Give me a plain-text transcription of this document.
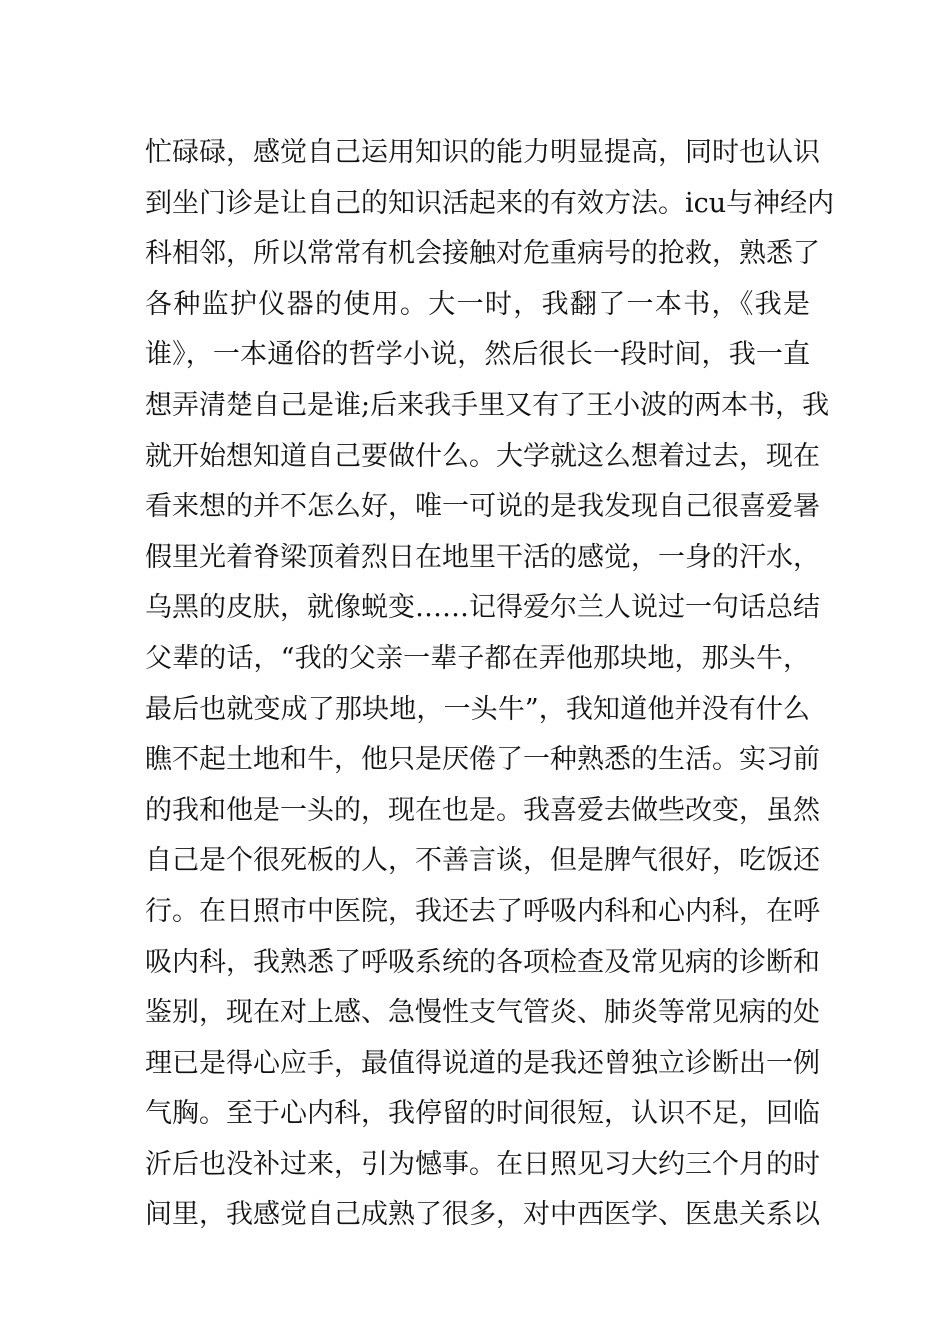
忙碌碌，感觉自己运用知识的能力明显提高，同时也认识
到坐门诊是让自己的知识活起来的有效方法。icu与神经内
科相邻，所以常常有机会接触对危重病号的抢救，熟悉了
各种监护仪器的使用。大一时，我翻了一本书，《我是
谁》，一本通俗的哲学小说，然后很长一段时间，我一直
想弄清楚自己是谁;后来我手里又有了王小波的两本书，我
就开始想知道自己要做什么。大学就这么想着过去，现在
看来想的并不怎么好，唯一可说的是我发现自己很喜爱暑
假里光着脊梁顶着烈日在地里干活的感觉，一身的汗水，
乌黑的皮肤，就像蜕变……记得爱尔兰人说过一句话总结
父辈的话，“我的父亲一辈子都在弄他那块地，那头牛，
最后也就变成了那块地，一头牛”，我知道他并没有什么
瞧不起土地和牛，他只是厌倦了一种熟悉的生活。实习前
的我和他是一头的，现在也是。我喜爱去做些改变，虽然
自己是个很死板的人，不善言谈，但是脾气很好，吃饭还
行。在日照市中医院，我还去了呼吸内科和心内科，在呼
吸内科，我熟悉了呼吸系统的各项检查及常见病的诊断和
鉴别，现在对上感、急慢性支气管炎、肺炎等常见病的处
理已是得心应手，最值得说道的是我还曾独立诊断出一例
气胸。至于心内科，我停留的时间很短，认识不足，回临
沂后也没补过来，引为憾事。在日照见习大约三个月的时
间里，我感觉自己成熟了很多，对中西医学、医患关系以
